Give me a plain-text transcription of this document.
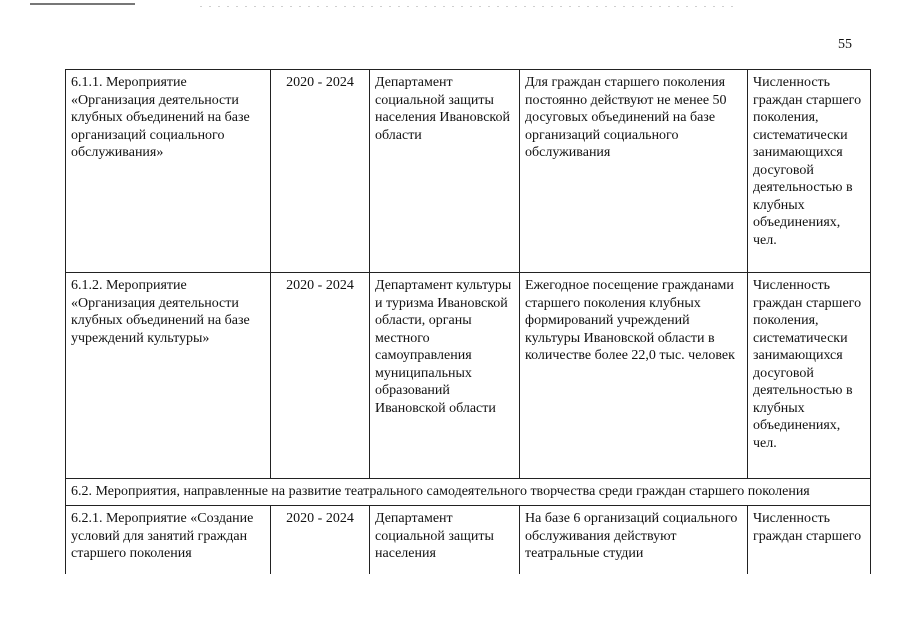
55
6.1.1. Мероприятие «Организация деятельности клубных объединений на базе организаций социального обслуживания»	2020 - 2024	Департамент социальной защиты населения Ивановской области	Для граждан старшего поколения постоянно действуют не менее 50 досуговых объединений на базе организаций социального обслуживания	Численность граждан старшего поколения, систематически занимающихся досуговой деятельностью в клубных объединениях, чел.
6.1.2. Мероприятие «Организация деятельности клубных объединений на базе учреждений культуры»	2020 - 2024	Департамент культуры и туризма Ивановской области, органы местного самоуправления муниципальных образований Ивановской области	Ежегодное посещение гражданами старшего поколения клубных формирований учреждений культуры Ивановской области в количестве более 22,0 тыс. человек	Численность граждан старшего поколения, систематически занимающихся досуговой деятельностью в клубных объединениях, чел.
6.2. Мероприятия, направленные на развитие театрального самодеятельного творчества среди граждан старшего поколения				
6.2.1. Мероприятие «Создание условий для занятий граждан старшего поколения	2020 - 2024	Департамент социальной защиты населения	На базе 6 организаций социального обслуживания действуют театральные студии	Численность граждан старшего
